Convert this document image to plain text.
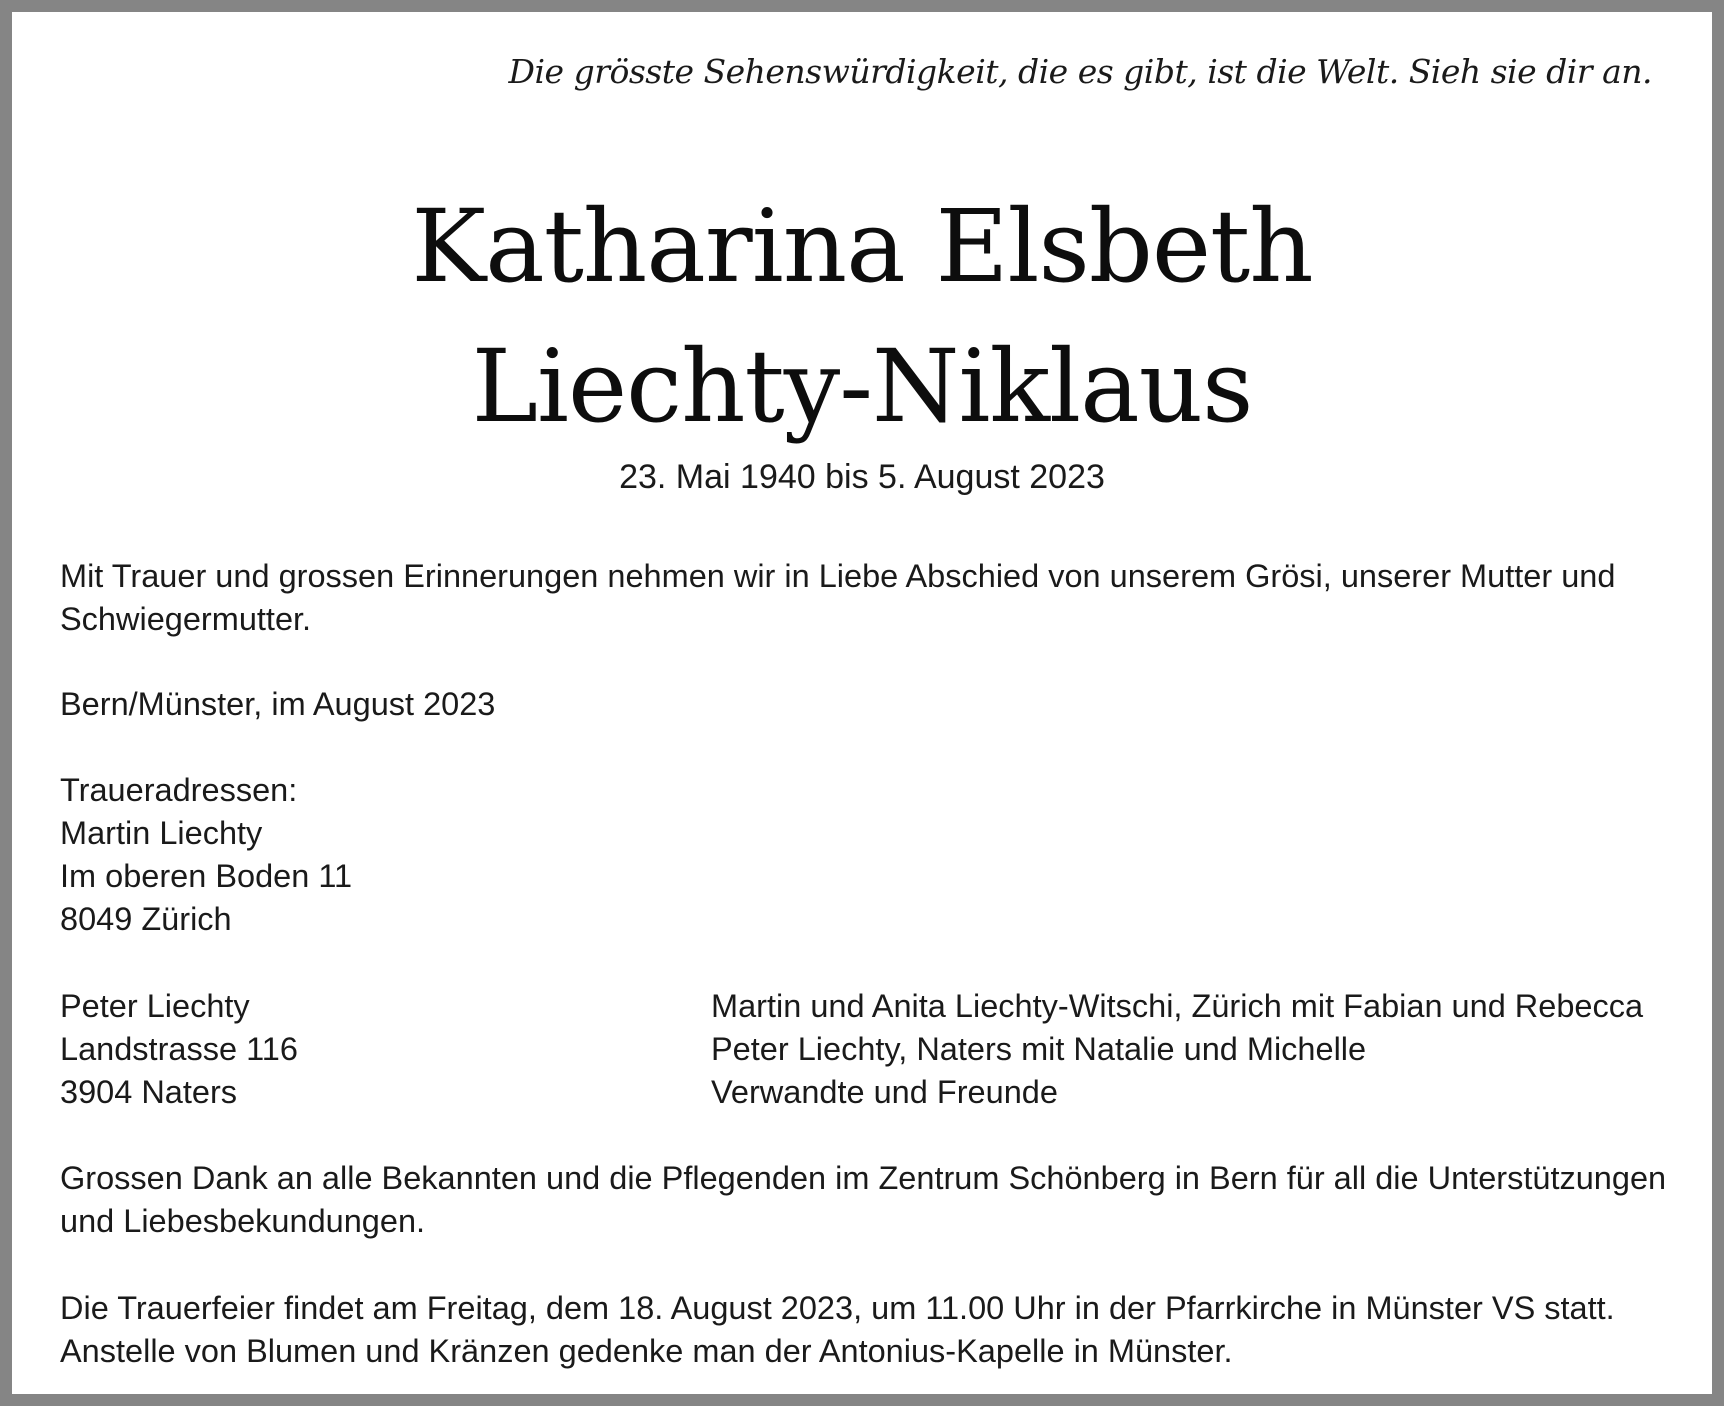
Die grösste Sehenswürdigkeit, die es gibt, ist die Welt. Sieh sie dir an.
Katharina Elsbeth
Liechty-Niklaus
23. Mai 1940 bis 5. August 2023
Mit Trauer und grossen Erinnerungen nehmen wir in Liebe Abschied von unserem Grösi, unserer Mutter und
Schwiegermutter.
Bern/Münster, im August 2023
Traueradressen:
Martin Liechty
Im oberen Boden 11
8049 Zürich
Peter Liechty
Landstrasse 116
3904 Naters
Martin und Anita Liechty-Witschi, Zürich mit Fabian und Rebecca
Peter Liechty, Naters mit Natalie und Michelle
Verwandte und Freunde
Grossen Dank an alle Bekannten und die Pflegenden im Zentrum Schönberg in Bern für all die Unterstützungen
und Liebesbekundungen.
Die Trauerfeier findet am Freitag, dem 18. August 2023, um 11.00 Uhr in der Pfarrkirche in Münster VS statt.
Anstelle von Blumen und Kränzen gedenke man der Antonius-Kapelle in Münster.
